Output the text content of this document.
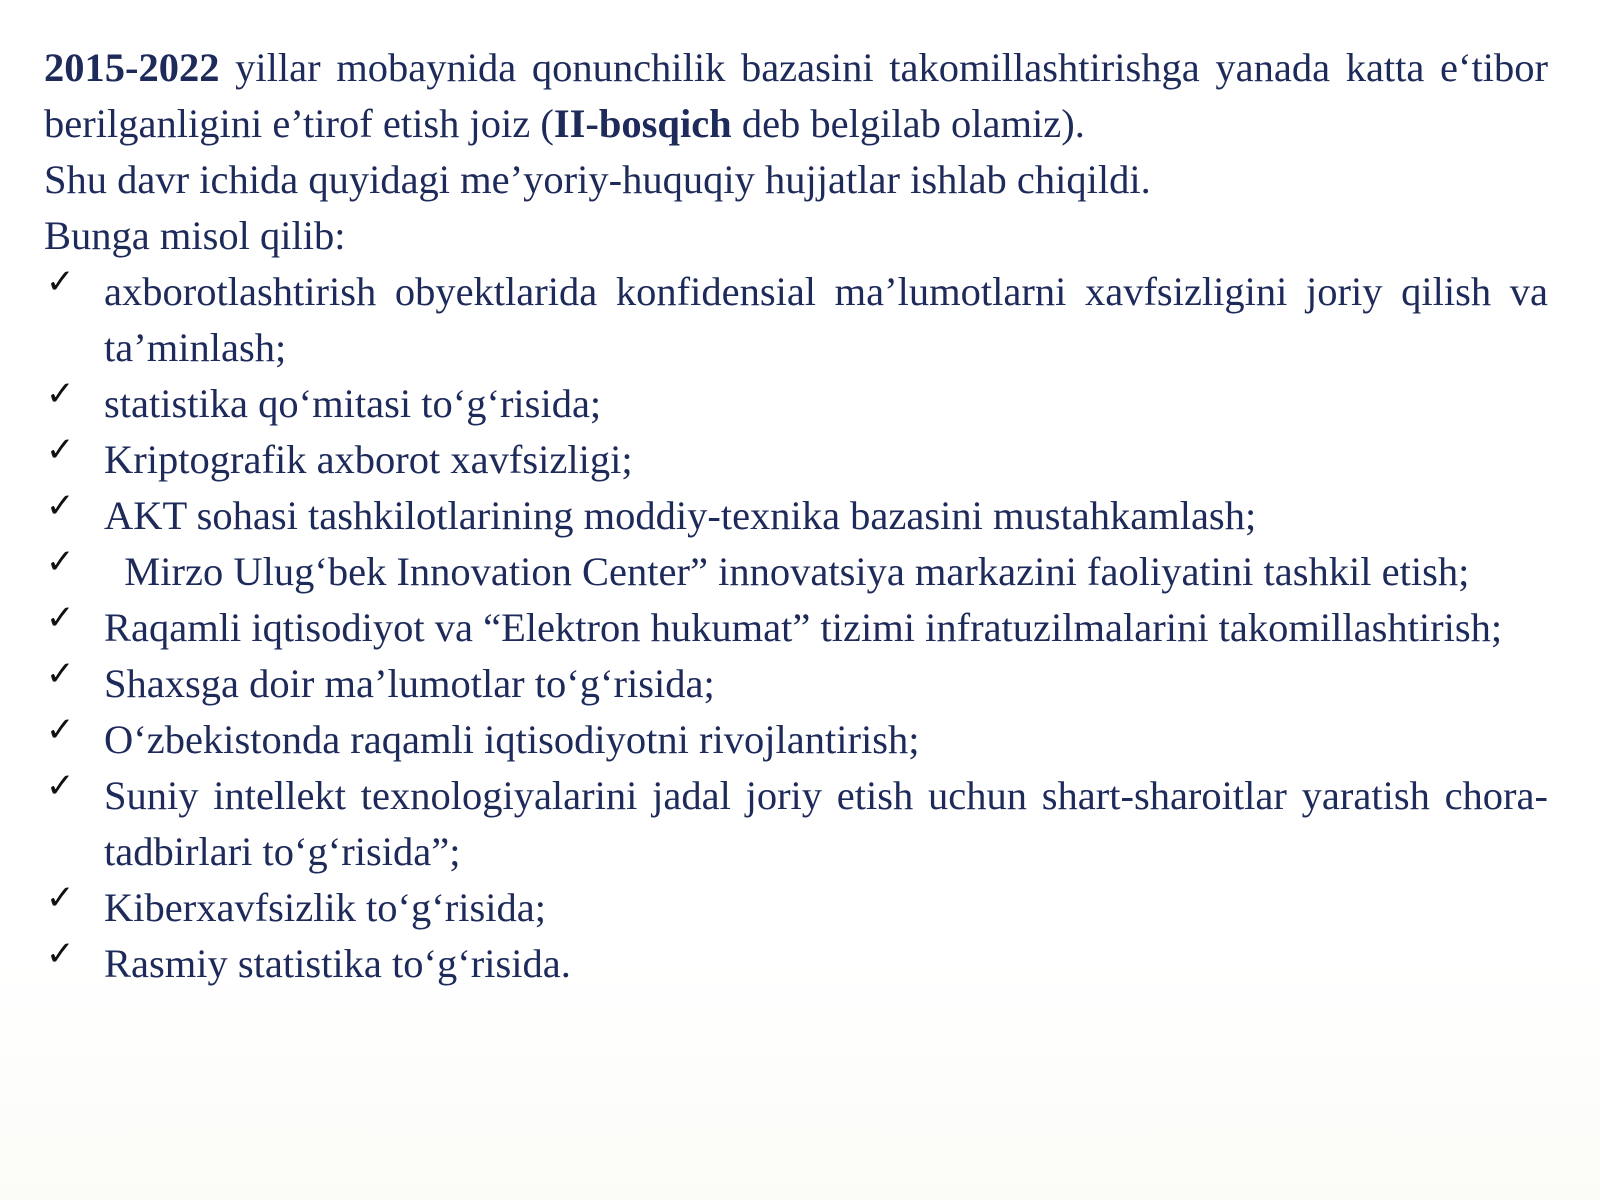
2015-2022 yillar mobaynida qonunchilik bazasini takomillashtirishga yanada katta e‘tibor berilganligini e’tirof etish joiz (II-bosqich deb belgilab olamiz).

Shu davr ichida quyidagi me’yoriy-huquqiy hujjatlar ishlab chiqildi.
Bunga misol qilib:
✓ axborotlashtirish obyektlarida konfidensial ma’lumotlarni xavfsizligini joriy qilish va ta’minlash;
✓ statistika qo‘mitasi to‘g‘risida;
✓ Kriptografik axborot xavfsizligi;
✓ AKT sohasi tashkilotlarining moddiy-texnika bazasini mustahkamlash;
✓ Mirzo Ulug‘bek Innovation Center” innovatsiya markazini faoliyatini tashkil etish;
✓ Raqamli iqtisodiyot va “Elektron hukumat” tizimi infratuzilmalarini takomillashtirish;
✓ Shaxsga doir ma’lumotlar to‘g‘risida;
✓ O‘zbekistonda raqamli iqtisodiyotni rivojlantirish;
✓ Suniy intellekt texnologiyalarini jadal joriy etish uchun shart-sharoitlar yaratish chora-tadbirlari to‘g‘risida”;
✓ Kiberxavfsizlik to‘g‘risida;
✓ Rasmiy statistika to‘g‘risida.
